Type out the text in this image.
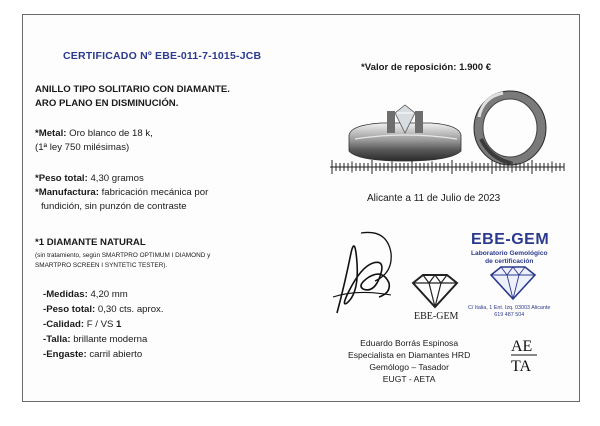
CERTIFICADO Nº EBE-011-7-1015-JCB
ANILLO TIPO SOLITARIO CON DIAMANTE.
ARO PLANO EN DISMINUCIÓN.
*Metal: Oro blanco de 18 k,
(1ª ley 750 milésimas)
*Peso total: 4,30 gramos
*Manufactura: fabricación mecánica por
fundición, sin punzón de contraste
*1 DIAMANTE NATURAL
(sin tratamiento, según SMARTPRO OPTIMUM I DIAMOND y
SMARTPRO SCREEN I SYNTETIC TESTER).
-Medidas: 4,20 mm
-Peso total: 0,30 cts. aprox.
-Calidad: F / VS 1
-Talla: brillante moderna
-Engaste: carril abierto
*Valor de reposición: 1.900 €
Alicante a 11 de Julio de 2023
EBE-GEM
EBE-GEM
Laboratorio Gemológico
de certificación
C/ Italia, 1 Ent. Izq. 03003 Alicante
619 487 504
Eduardo Borrás Espinosa
Especialista en Diamantes HRD
Gemólogo – Tasador
EUGT - AETA
AE
TA
